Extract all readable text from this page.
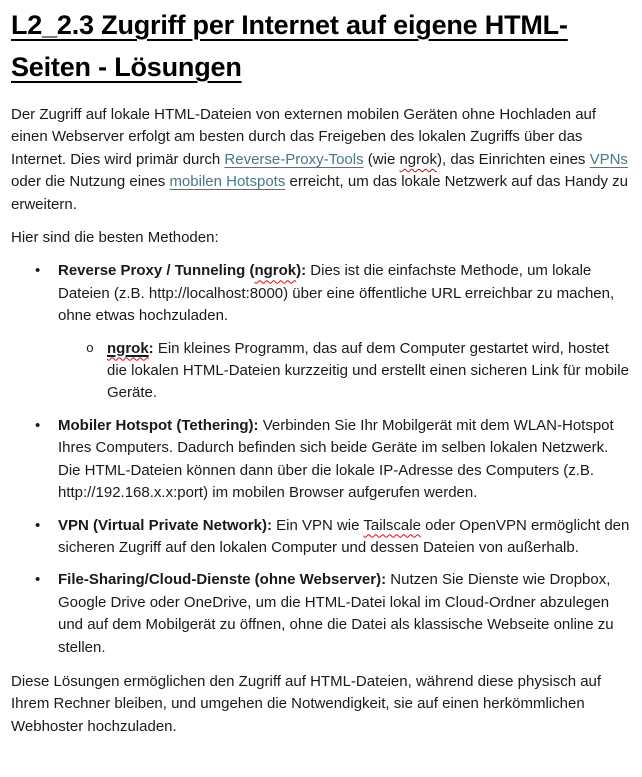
L2_2.3 Zugriff per Internet auf eigene HTML-Seiten - Lösungen

Der Zugriff auf lokale HTML-Dateien von externen mobilen Geräten ohne Hochladen auf einen Webserver erfolgt am besten durch das Freigeben des lokalen Zugriffs über das Internet. Dies wird primär durch Reverse-Proxy-Tools (wie ngrok), das Einrichten eines VPNs oder die Nutzung eines mobilen Hotspots erreicht, um das lokale Netzwerk auf das Handy zu erweitern.

Hier sind die besten Methoden:

• Reverse Proxy / Tunneling (ngrok): Dies ist die einfachste Methode, um lokale Dateien (z.B. http://localhost:8000) über eine öffentliche URL erreichbar zu machen, ohne etwas hochzuladen.
o ngrok: Ein kleines Programm, das auf dem Computer gestartet wird, hostet die lokalen HTML-Dateien kurzzeitig und erstellt einen sicheren Link für mobile Geräte.
• Mobiler Hotspot (Tethering): Verbinden Sie Ihr Mobilgerät mit dem WLAN-Hotspot Ihres Computers. Dadurch befinden sich beide Geräte im selben lokalen Netzwerk. Die HTML-Dateien können dann über die lokale IP-Adresse des Computers (z.B. http://192.168.x.x:port) im mobilen Browser aufgerufen werden.
• VPN (Virtual Private Network): Ein VPN wie Tailscale oder OpenVPN ermöglicht den sicheren Zugriff auf den lokalen Computer und dessen Dateien von außerhalb.
• File-Sharing/Cloud-Dienste (ohne Webserver): Nutzen Sie Dienste wie Dropbox, Google Drive oder OneDrive, um die HTML-Datei lokal im Cloud-Ordner abzulegen und auf dem Mobilgerät zu öffnen, ohne die Datei als klassische Webseite online zu stellen.

Diese Lösungen ermöglichen den Zugriff auf HTML-Dateien, während diese physisch auf Ihrem Rechner bleiben, und umgehen die Notwendigkeit, sie auf einen herkömmlichen Webhoster hochzuladen.
